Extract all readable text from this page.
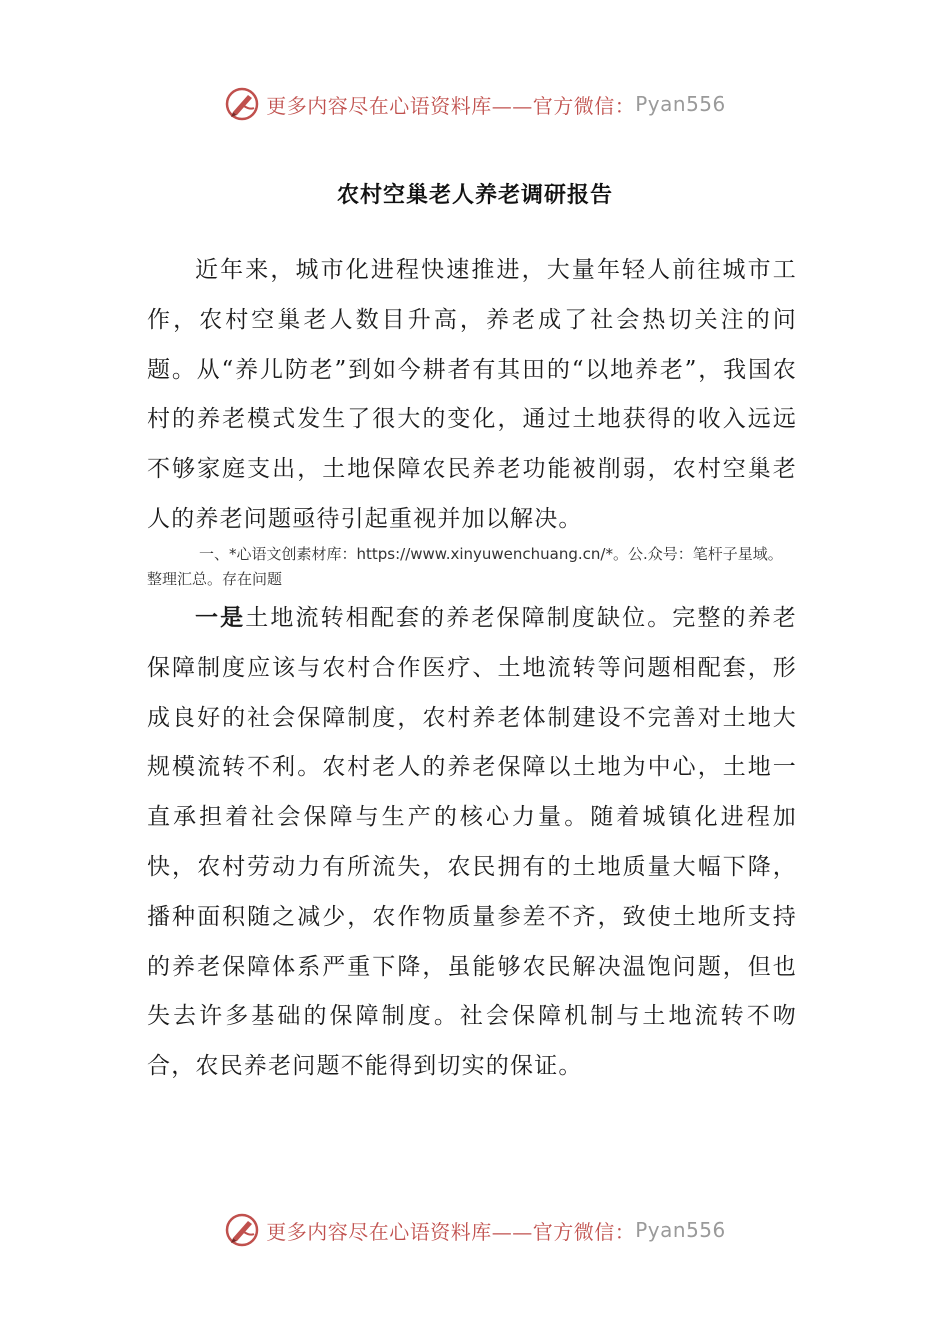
更多内容尽在心语资料库——官方微信： Pyan556
农村空巢老人养老调研报告

近年来，城市化进程快速推进，大量年轻人前往城市工作，农村空巢老人数目升高，养老成了社会热切关注的问题。从“养儿防老”到如今耕者有其田的“以地养老”，我国农村的养老模式发生了很大的变化，通过土地获得的收入远远不够家庭支出，土地保障农民养老功能被削弱，农村空巢老人的养老问题亟待引起重视并加以解决。

一、*心语文创素材库：https://www.xinyuwenchuang.cn/*。公.众号：笔杆子星域。整理汇总。存在问题

一是土地流转相配套的养老保障制度缺位。完整的养老保障制度应该与农村合作医疗、土地流转等问题相配套，形成良好的社会保障制度，农村养老体制建设不完善对土地大规模流转不利。农村老人的养老保障以土地为中心，土地一直承担着社会保障与生产的核心力量。随着城镇化进程加快，农村劳动力有所流失，农民拥有的土地质量大幅下降，播种面积随之减少，农作物质量参差不齐，致使土地所支持的养老保障体系严重下降，虽能够农民解决温饱问题，但也失去许多基础的保障制度。社会保障机制与土地流转不吻合，农民养老问题不能得到切实的保证。

更多内容尽在心语资料库——官方微信： Pyan556
